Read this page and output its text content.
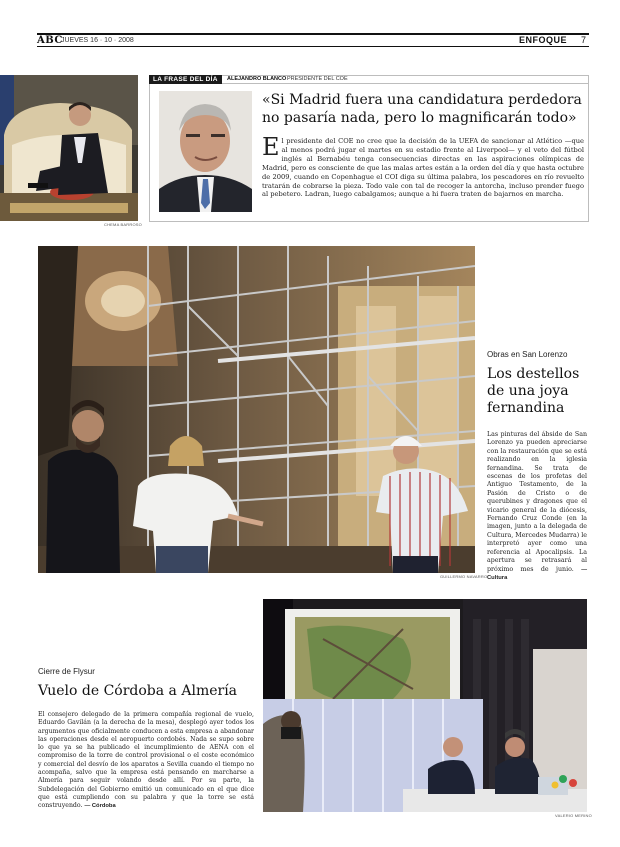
ABC
JUEVES 16 · 10 · 2008	ENFOQUE 7
CHEMA BARROSO
LA FRASE DEL DÍA	ALEJANDRO BLANCO PRESIDENTE DEL COE
«Si Madrid fuera una candidatura perdedora no pasaría nada, pero lo magnificarán todo»
El presidente del COE no cree que la decisión de la UEFA de sancionar al Atlético —que al menos podrá jugar el martes en su estadio frente al Liverpool— y el veto del fútbol inglés al Bernabéu tenga consecuencias directas en las aspiraciones olímpicas de Madrid, pero es consciente de que las malas artes están a la orden del día y que hasta octubre de 2009, cuando en Copenhague el COI diga su última palabra, los pescadores en río revuelto tratarán de cobrarse la pieza. Todo vale con tal de recoger la antorcha, incluso prender fuego al pebetero. Ladran, luego cabalgamos; aunque a hi fuera traten de bajarnos en marcha.
GUILLERMO NAVARRO
Obras en San Lorenzo
Los destellos de una joya fernandina
Las pinturas del ábside de San Lorenzo ya pueden apreciarse con la restauración que se está realizando en la iglesia fernandina. Se trata de escenas de los profetas del Antiguo Testamento, de la Pasión de Cristo o de querubines y dragones que el vicario general de la diócesis, Fernando Cruz Conde (en la imagen, junto a la delegada de Cultura, Mercedes Mudarra) le interpretó ayer como una referencia al Apocalipsis. La apertura se retrasará al próximo mes de junio. — Cultura
Cierre de Flysur
Vuelo de Córdoba a Almería
El consejero delegado de la primera compañía regional de vuelo, Eduardo Gavilán (a la derecha de la mesa), desplegó ayer todos los argumentos que oficialmente conducen a esta empresa a abandonar las operaciones desde el aeropuerto cordobés. Nada se supo sobre lo que ya se ha publicado el incumplimiento de AENA con el compromiso de la torre de control provisional o el coste económico y comercial del desvío de los aparatos a Sevilla cuando el tiempo no acompaña, salvo que la empresa está pensando en marcharse a Almería para seguir volando desde allí. Por su parte, la Subdelegación del Gobierno emitió un comunicado en el que dice que está cumpliendo con su palabra y que la torre se está construyendo. — Córdoba
VALERIO MERINO
